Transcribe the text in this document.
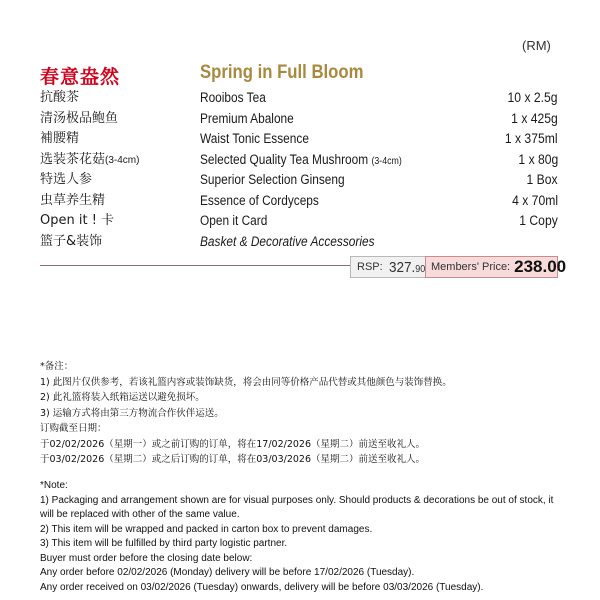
(RM)
春意盎然	Spring in Full Bloom
抗酸茶	Rooibos Tea	10 x 2.5g
清汤极品鲍鱼	Premium Abalone	1 x 425g
補腰精	Waist Tonic Essence	1 x 375ml
选装茶花菇(3-4cm)	Selected Quality Tea Mushroom (3-4cm)	1 x 80g
特选人参	Superior Selection Ginseng	1 Box
虫草养生精	Essence of Cordyceps	4 x 70ml
Open it ! 卡	Open it Card	1 Copy
篮子&装饰	Basket & Decorative Accessories
RSP: 327.90 Members' Price: 238.00
*备注：
1) 此图片仅供参考，若该礼篮内容或装饰缺货，将会由同等价格产品代替或其他颜色与装饰替换。
2) 此礼篮将装入纸箱运送以避免损坏。
3) 运输方式将由第三方物流合作伙伴运送。
订购截至日期：
于02/02/2026（星期一）或之前订购的订单，将在17/02/2026（星期二）前送至收礼人。
于03/02/2026（星期二）或之后订购的订单，将在03/03/2026（星期二）前送至收礼人。
*Note:
1) Packaging and arrangement shown are for visual purposes only. Should products & decorations be out of stock, it
will be replaced with other of the same value.
2) This item will be wrapped and packed in carton box to prevent damages.
3) This item will be fulfilled by third party logistic partner.
Buyer must order before the closing date below:
Any order before 02/02/2026 (Monday) delivery will be before 17/02/2026 (Tuesday).
Any order received on 03/02/2026 (Tuesday) onwards, delivery will be before 03/03/2026 (Tuesday).
